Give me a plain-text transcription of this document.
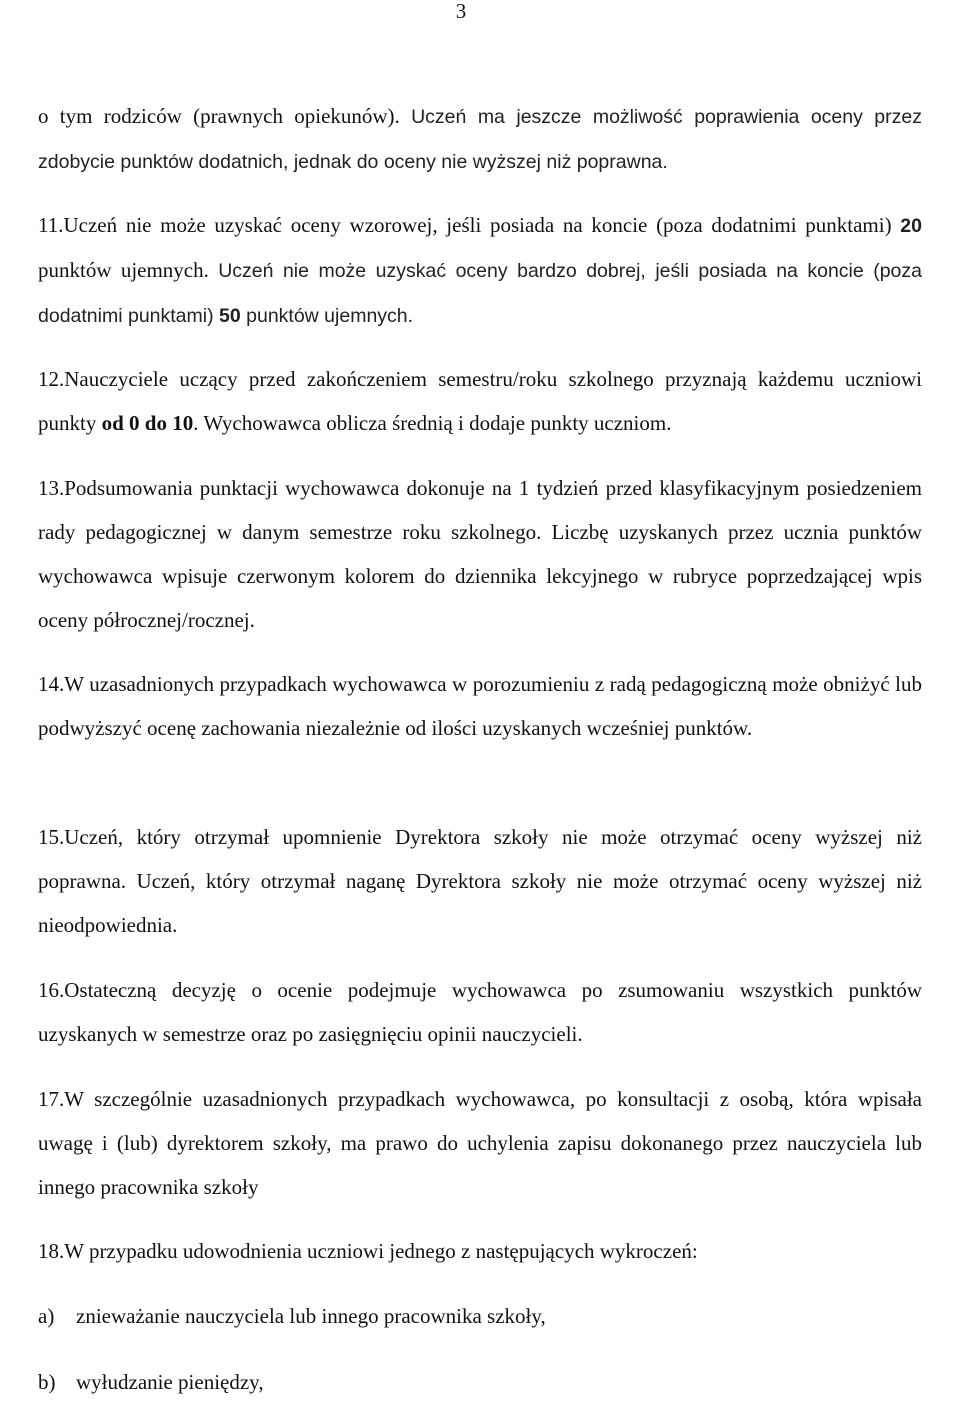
3

o tym rodziców (prawnych opiekunów). Uczeń ma jeszcze możliwość poprawienia oceny przez zdobycie punktów dodatnich, jednak do oceny nie wyższej niż poprawna.

11.Uczeń nie może uzyskać oceny wzorowej, jeśli posiada na koncie (poza dodatnimi punktami) 20 punktów ujemnych. Uczeń nie może uzyskać oceny bardzo dobrej, jeśli posiada na koncie (poza dodatnimi punktami) 50 punktów ujemnych.

12.Nauczyciele uczący przed zakończeniem semestru/roku szkolnego przyznają każdemu uczniowi punkty od 0 do 10. Wychowawca oblicza średnią i dodaje punkty uczniom.

13.Podsumowania punktacji wychowawca dokonuje na 1 tydzień przed klasyfikacyjnym posiedzeniem rady pedagogicznej w danym semestrze roku szkolnego. Liczbę uzyskanych przez ucznia punktów wychowawca wpisuje czerwonym kolorem do dziennika lekcyjnego w rubryce poprzedzającej wpis oceny półrocznej/rocznej.

14.W uzasadnionych przypadkach wychowawca w porozumieniu z radą pedagogiczną może obniżyć lub podwyższyć ocenę zachowania niezależnie od ilości uzyskanych wcześniej punktów.

15.Uczeń, który otrzymał upomnienie Dyrektora szkoły nie może otrzymać oceny wyższej niż poprawna. Uczeń, który otrzymał naganę Dyrektora szkoły nie może otrzymać oceny wyższej niż nieodpowiednia.

16.Ostateczną decyzję o ocenie podejmuje wychowawca po zsumowaniu wszystkich punktów uzyskanych w semestrze oraz po zasięgnięciu opinii nauczycieli.

17.W szczególnie uzasadnionych przypadkach wychowawca, po konsultacji z osobą, która wpisała uwagę i (lub) dyrektorem szkoły, ma prawo do uchylenia zapisu dokonanego przez nauczyciela lub innego pracownika szkoły

18.W przypadku udowodnienia uczniowi jednego z następujących wykroczeń:

a) znieważanie nauczyciela lub innego pracownika szkoły,

b) wyłudzanie pieniędzy,
